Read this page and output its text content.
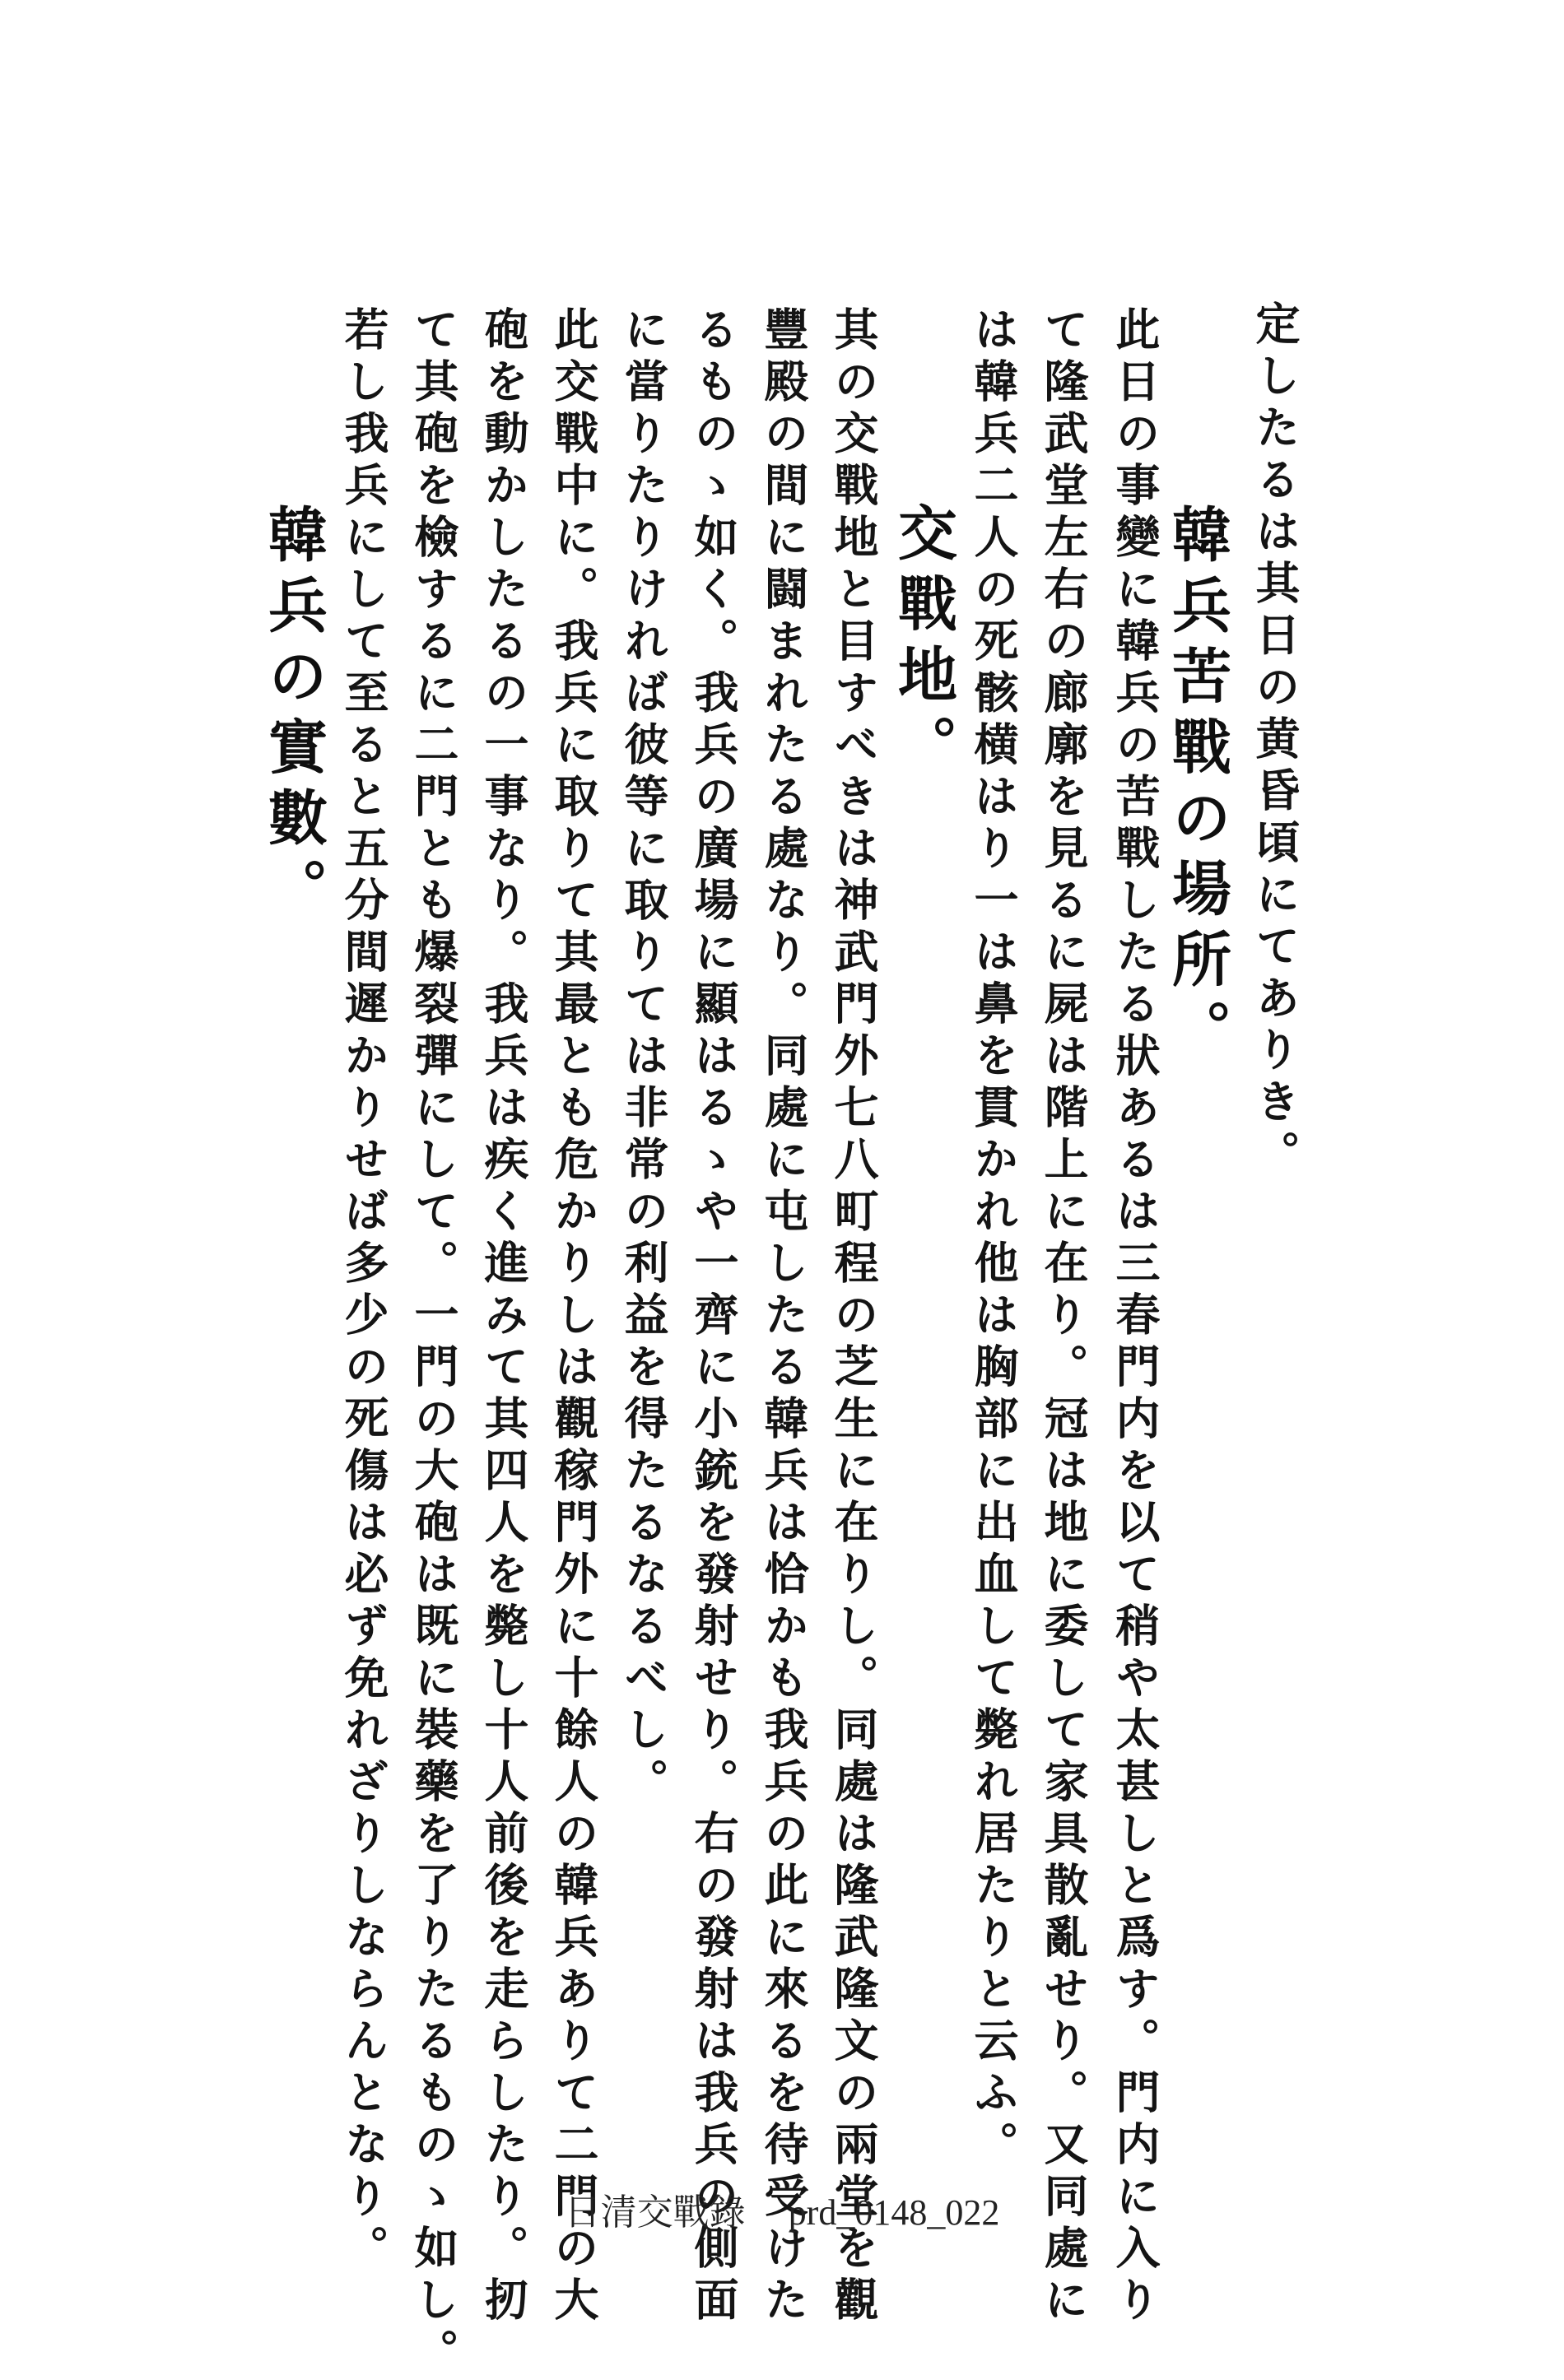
定したるは其日の黄昏頃にてありき。
韓兵苦戰の場所。
此日の事變に韓兵の苦戰したる狀あるは三春門内を以て稍や太甚しと爲す。門内に入り
て隆武堂左右の廊廓を見るに屍は階上に在り。冠は地に委して家具散亂せり。又同處に
は韓兵二人の死骸横はり一は鼻を貫かれ他は胸部に出血して斃れ居たりと云ふ。
交戰地。
其の交戰地と目すべきは神武門外七八町程の芝生に在りし。同處は隆武隆文の兩堂を觀
豐殿の間に闘まれたる處なり。同處に屯したる韓兵は恰かも我兵の此に來るを待受けた
るものゝ如く。我兵の廣場に顯はるゝや一齊に小銃を發射せり。右の發射は我兵の側面
に當りたりければ彼等に取りては非常の利益を得たるなるべし。
此交戰中に。我兵に取りて其最とも危かりしは觀稼門外に十餘人の韓兵ありて二門の大
砲を動かしたるの一事なり。我兵は疾く進みて其四人を斃し十人前後を走らしたり。扨
て其砲を檢するに二門とも爆裂彈にして。一門の大砲は既に裝藥を了りたるものゝ如し。
若し我兵にして至ると五分間遲かりせば多少の死傷は必ず免れざりしならんとなり。
韓兵の實數。
日清交戰錄 prd_0148_022
